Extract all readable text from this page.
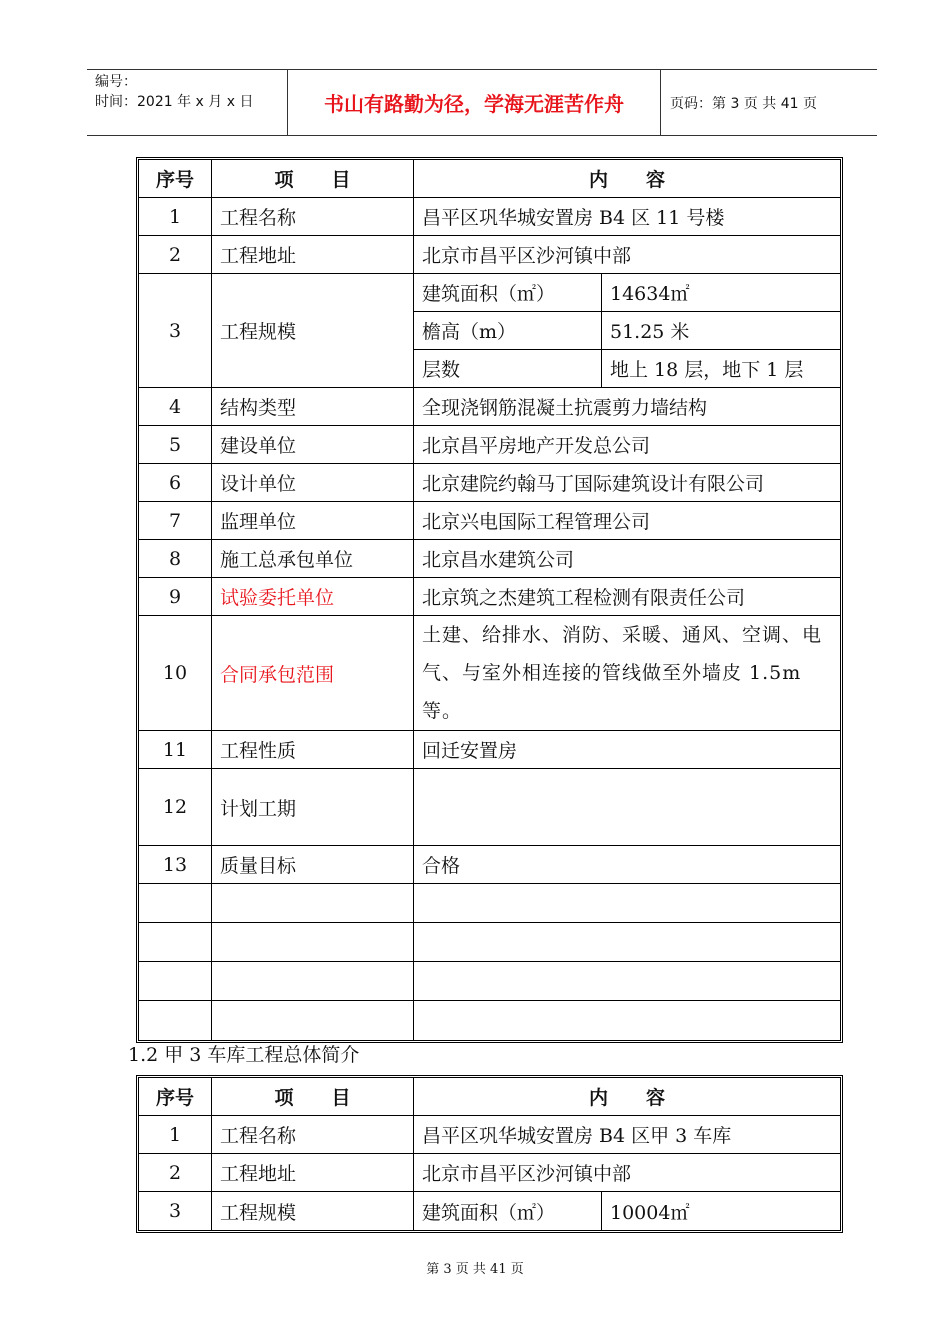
编号：
时间：2021 年 x 月 x 日	书山有路勤为径，学海无涯苦作舟	页码：第 3 页 共 41 页
序号	项　　目	内　　容	
1	工程名称	昌平区巩华城安置房 B4 区 11 号楼	
2	工程地址	北京市昌平区沙河镇中部	
3	工程规模	建筑面积（㎡）	14634㎡
		檐高（m）	51.25 米
		层数	地上 18 层，地下 1 层
4	结构类型	全现浇钢筋混凝土抗震剪力墙结构	
5	建设单位	北京昌平房地产开发总公司	
6	设计单位	北京建院约翰马丁国际建筑设计有限公司	
7	监理单位	北京兴电国际工程管理公司	
8	施工总承包单位	北京昌水建筑公司	
9	试验委托单位	北京筑之杰建筑工程检测有限责任公司	
10	合同承包范围	土建、给排水、消防、采暖、通风、空调、电气、与室外相连接的管线做至外墙皮 1.5m 等。	
11	工程性质	回迁安置房	
12	计划工期		
13	质量目标	合格	

1.2 甲 3 车库工程总体简介
序号	项　　目	内　　容	
1	工程名称	昌平区巩华城安置房 B4 区甲 3 车库	
2	工程地址	北京市昌平区沙河镇中部	
3	工程规模	建筑面积（㎡）	10004㎡
第 3 页 共 41 页
